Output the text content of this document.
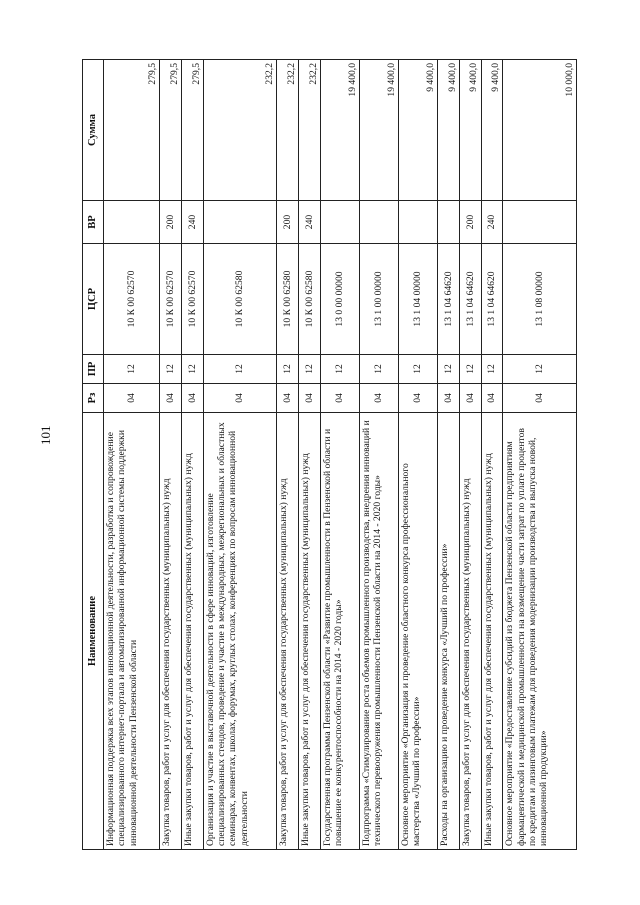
101
Наименование	Рз	ПР	ЦСР	ВР	Сумма
Информационная поддержка всех этапов инновационной деятельности, разработка и сопровождение специализированного интернет-портала и автоматизированной информационной системы поддержки инновационной деятельности Пензенской области	04	12	10 К 00 62570		279,5
Закупка товаров, работ и услуг для обеспечения государственных (муниципальных) нужд	04	12	10 К 00 62570	200	279,5
Иные закупки товаров, работ и услуг для обеспечения государственных (муниципальных) нужд	04	12	10 К 00 62570	240	279,5
Организация и участие в выставочной деятельности в сфере инноваций, изготовление специализированных стендов, проведение и участие в международных, межрегиональных и областных семинарах, конвентах, школах, форумах, круглых столах, конференциях по вопросам инновационной деятельности	04	12	10 К 00 62580		232,2
Закупка товаров, работ и услуг для обеспечения государственных (муниципальных) нужд	04	12	10 К 00 62580	200	232,2
Иные закупки товаров, работ и услуг для обеспечения государственных (муниципальных) нужд	04	12	10 К 00 62580	240	232,2
Государственная программа Пензенской области «Развитие промышленности в Пензенской области и повышение ее конкурентоспособности на 2014 - 2020 годы»	04	12	13 0 00 00000		19 400,0
Подпрограмма «Стимулирование роста объемов промышленного производства, внедрения инноваций и технического перевооружения промышленности Пензенской области на 2014 - 2020 годы»	04	12	13 1 00 00000		19 400,0
Основное мероприятие «Организация и проведение областного конкурса профессионального мастерства «Лучший по профессии»	04	12	13 1 04 00000		9 400,0
Расходы на организацию и проведение конкурса «Лучший по профессии»	04	12	13 1 04 64620		9 400,0
Закупка товаров, работ и услуг для обеспечения государственных (муниципальных) нужд	04	12	13 1 04 64620	200	9 400,0
Иные закупки товаров, работ и услуг для обеспечения государственных (муниципальных) нужд	04	12	13 1 04 64620	240	9 400,0
Основное мероприятие «Предоставление субсидий из бюджета Пензенской области предприятиям фармацевтической и медицинской промышленности на возмещение части затрат по уплате процентов по кредитам и лизинговым платежам для проведения модернизации производства и выпуска новой, инновационной продукции»	04	12	13 1 08 00000		10 000,0
